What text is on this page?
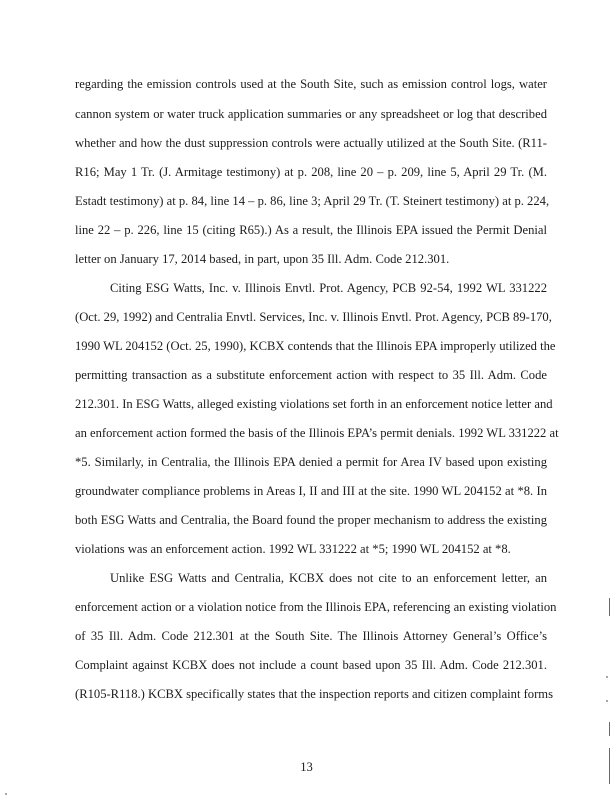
regarding the emission controls used at the South Site, such as emission control logs, water
cannon system or water truck application summaries or any spreadsheet or log that described
whether and how the dust suppression controls were actually utilized at the South Site. (R11-
R16; May 1 Tr. (J. Armitage testimony) at p. 208, line 20 – p. 209, line 5, April 29 Tr. (M.
Estadt testimony) at p. 84, line 14 – p. 86, line 3; April 29 Tr. (T. Steinert testimony) at p. 224,
line 22 – p. 226, line 15 (citing R65).) As a result, the Illinois EPA issued the Permit Denial
letter on January 17, 2014 based, in part, upon 35 Ill. Adm. Code 212.301.
Citing ESG Watts, Inc. v. Illinois Envtl. Prot. Agency, PCB 92-54, 1992 WL 331222
(Oct. 29, 1992) and Centralia Envtl. Services, Inc. v. Illinois Envtl. Prot. Agency, PCB 89-170,
1990 WL 204152 (Oct. 25, 1990), KCBX contends that the Illinois EPA improperly utilized the
permitting transaction as a substitute enforcement action with respect to 35 Ill. Adm. Code
212.301. In ESG Watts, alleged existing violations set forth in an enforcement notice letter and
an enforcement action formed the basis of the Illinois EPA’s permit denials. 1992 WL 331222 at
*5. Similarly, in Centralia, the Illinois EPA denied a permit for Area IV based upon existing
groundwater compliance problems in Areas I, II and III at the site. 1990 WL 204152 at *8. In
both ESG Watts and Centralia, the Board found the proper mechanism to address the existing
violations was an enforcement action. 1992 WL 331222 at *5; 1990 WL 204152 at *8.
Unlike ESG Watts and Centralia, KCBX does not cite to an enforcement letter, an
enforcement action or a violation notice from the Illinois EPA, referencing an existing violation
of 35 Ill. Adm. Code 212.301 at the South Site. The Illinois Attorney General’s Office’s
Complaint against KCBX does not include a count based upon 35 Ill. Adm. Code 212.301.
(R105-R118.) KCBX specifically states that the inspection reports and citizen complaint forms
13
